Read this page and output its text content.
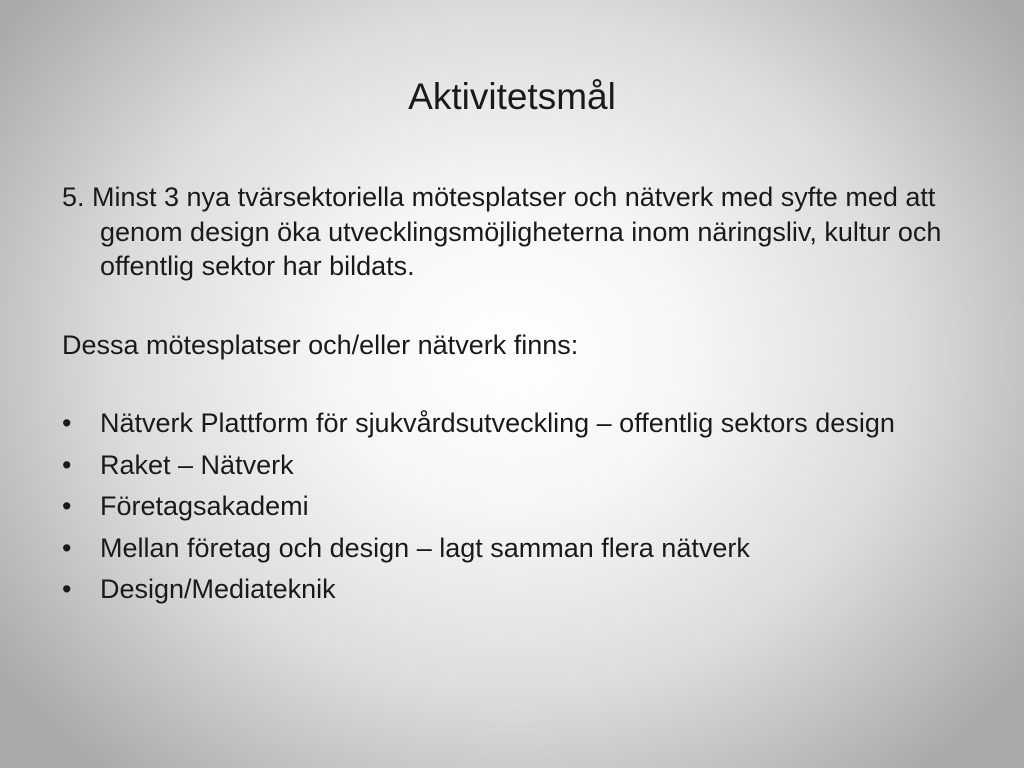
Aktivitetsmål

5. Minst 3 nya tvärsektoriella mötesplatser och nätverk med syfte med att genom design öka utvecklingsmöjligheterna inom näringsliv, kultur och offentlig sektor har bildats.

Dessa mötesplatser och/eller nätverk finns:

•	Nätverk Plattform för sjukvårdsutveckling – offentlig sektors design
•	Raket – Nätverk
•	Företagsakademi
•	Mellan företag och design – lagt samman flera nätverk
•	Design/Mediateknik
